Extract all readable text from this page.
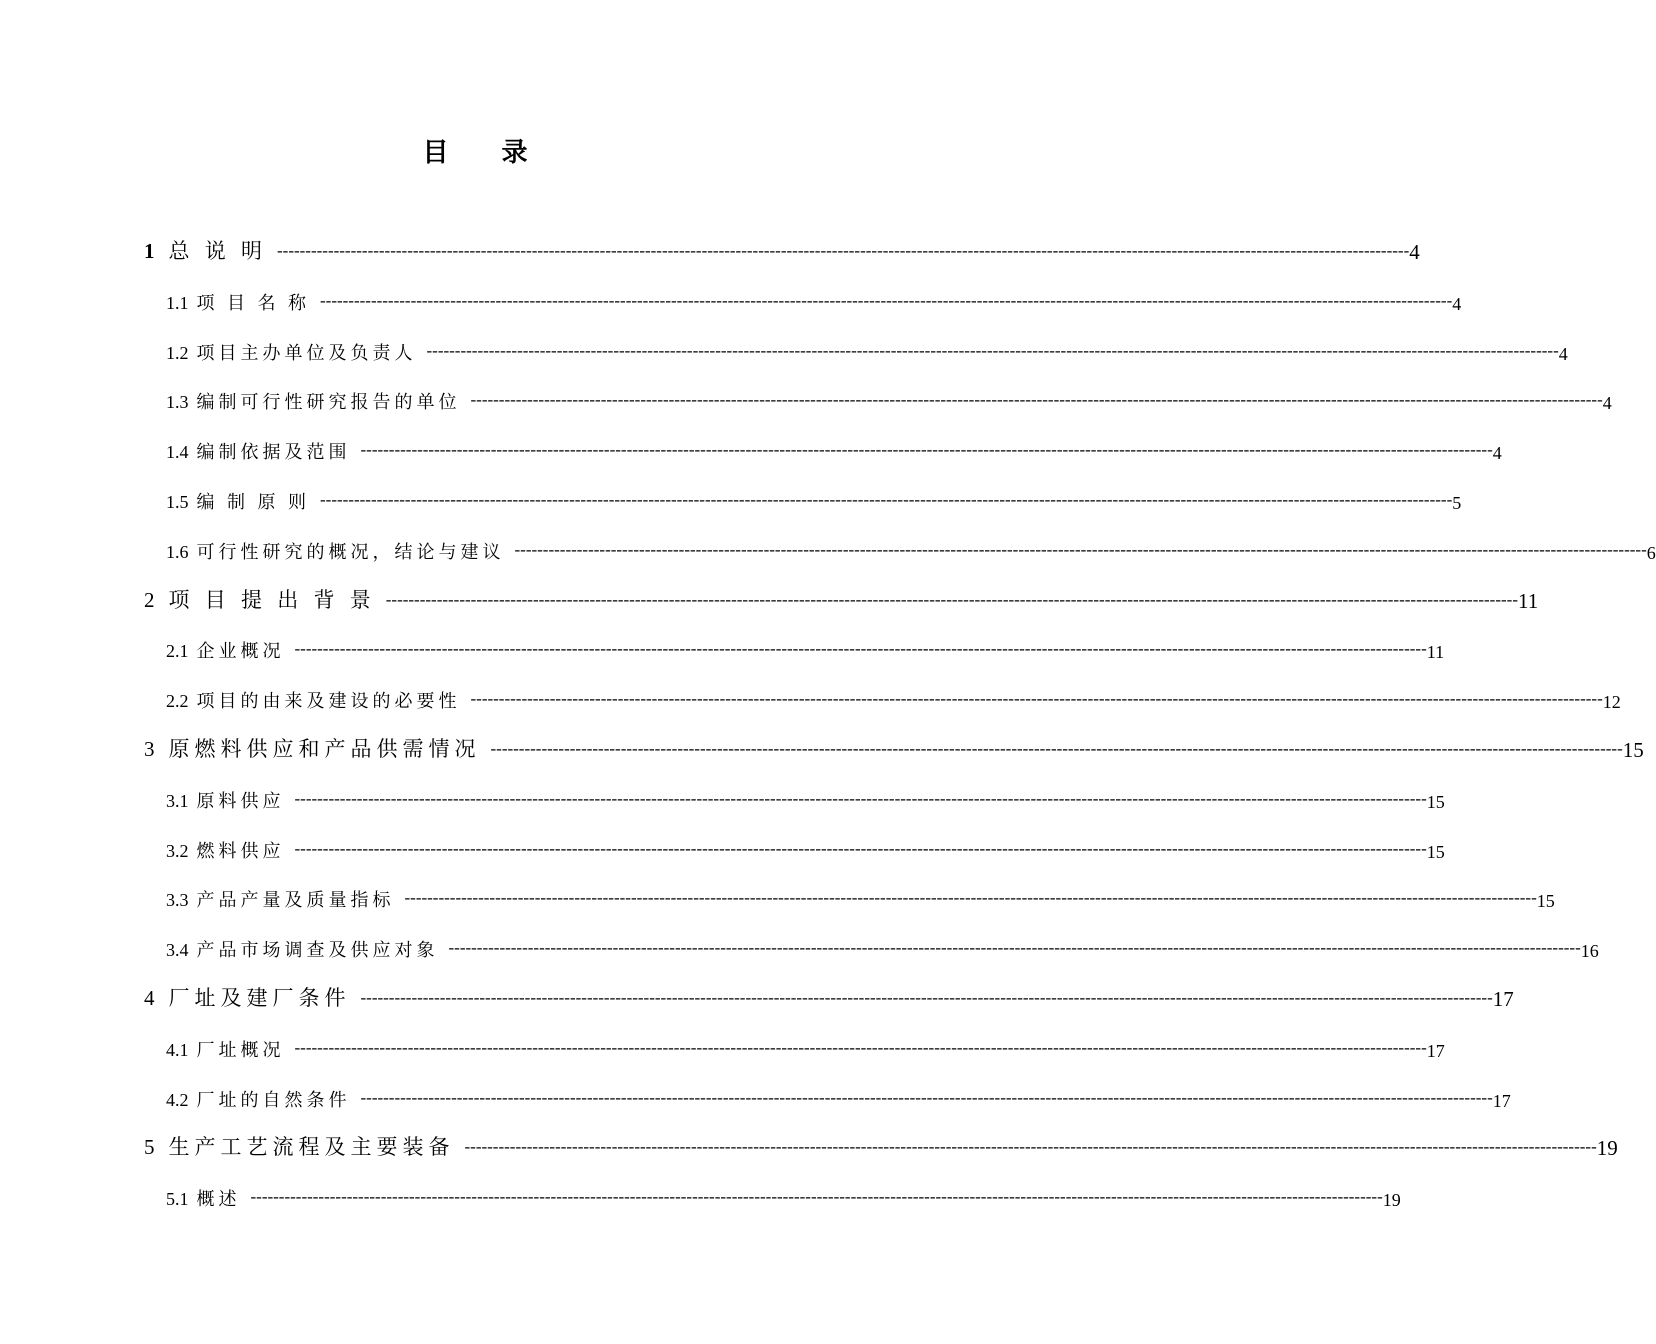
目 录
1 总 说 明 -------------------------------------------------------------------------------------------------------------------------------------------------------------------------------------------------------- 4
1.1 项 目 名 称 -------------------------------------------------------------------------------------------------------------------------------------------------------------------------------------------------------- 4
1.2 项目主办单位及负责人 -------------------------------------------------------------------------------------------------------------------------------------------------------------------------------------------------------- 4
1.3 编制可行性研究报告的单位 -------------------------------------------------------------------------------------------------------------------------------------------------------------------------------------------------------- 4
1.4 编制依据及范围 -------------------------------------------------------------------------------------------------------------------------------------------------------------------------------------------------------- 4
1.5 编 制 原 则 -------------------------------------------------------------------------------------------------------------------------------------------------------------------------------------------------------- 5
1.6 可行性研究的概况，结论与建议 -------------------------------------------------------------------------------------------------------------------------------------------------------------------------------------------------------- 6
2 项 目 提 出 背 景 -------------------------------------------------------------------------------------------------------------------------------------------------------------------------------------------------------- 11
2.1 企业概况 -------------------------------------------------------------------------------------------------------------------------------------------------------------------------------------------------------- 11
2.2 项目的由来及建设的必要性 -------------------------------------------------------------------------------------------------------------------------------------------------------------------------------------------------------- 12
3 原燃料供应和产品供需情况 -------------------------------------------------------------------------------------------------------------------------------------------------------------------------------------------------------- 15
3.1 原料供应 -------------------------------------------------------------------------------------------------------------------------------------------------------------------------------------------------------- 15
3.2 燃料供应 -------------------------------------------------------------------------------------------------------------------------------------------------------------------------------------------------------- 15
3.3 产品产量及质量指标 -------------------------------------------------------------------------------------------------------------------------------------------------------------------------------------------------------- 15
3.4 产品市场调查及供应对象 -------------------------------------------------------------------------------------------------------------------------------------------------------------------------------------------------------- 16
4 厂址及建厂条件 -------------------------------------------------------------------------------------------------------------------------------------------------------------------------------------------------------- 17
4.1 厂址概况 -------------------------------------------------------------------------------------------------------------------------------------------------------------------------------------------------------- 17
4.2 厂址的自然条件 -------------------------------------------------------------------------------------------------------------------------------------------------------------------------------------------------------- 17
5 生产工艺流程及主要装备 -------------------------------------------------------------------------------------------------------------------------------------------------------------------------------------------------------- 19
5.1 概述 -------------------------------------------------------------------------------------------------------------------------------------------------------------------------------------------------------- 19
